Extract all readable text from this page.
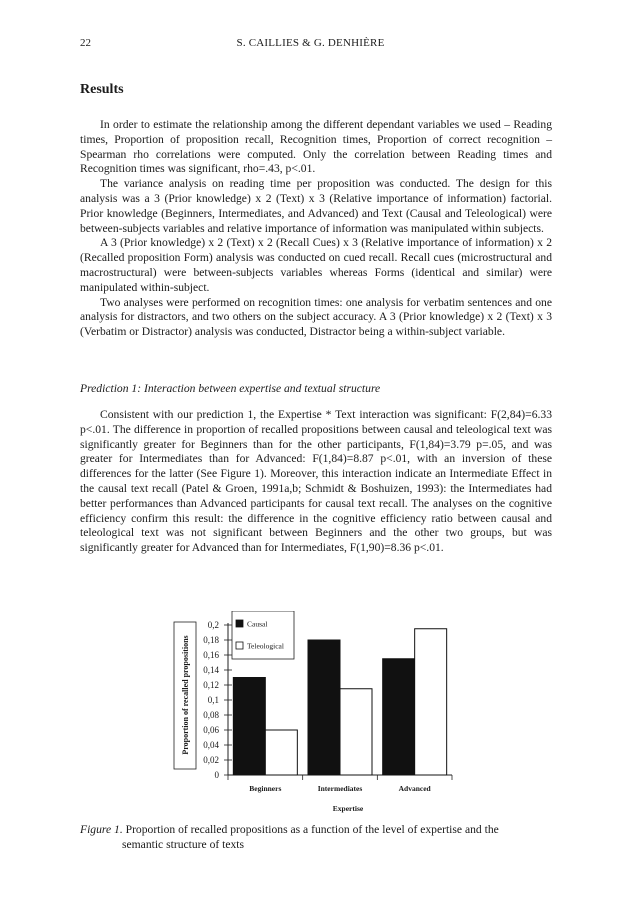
22	S. CAILLIES & G. DENHIÈRE
Results

In order to estimate the relationship among the different dependant variables we used – Reading times, Proportion of proposition recall, Recognition times, Proportion of correct recognition – Spearman rho correlations were computed. Only the correlation between Reading times and Recognition times was significant, rho=.43, p<.01.

The variance analysis on reading time per proposition was conducted. The design for this analysis was a 3 (Prior knowledge) x 2 (Text) x 3 (Relative importance of information) factorial. Prior knowledge (Beginners, Intermediates, and Advanced) and Text (Causal and Teleological) were between-subjects variables and relative importance of information was manipulated within subjects.

A 3 (Prior knowledge) x 2 (Text) x 2 (Recall Cues) x 3 (Relative importance of information) x 2 (Recalled proposition Form) analysis was conducted on cued recall. Recall cues (microstructural and macrostructural) were between-subjects variables whereas Forms (identical and similar) were manipulated within-subject.

Two analyses were performed on recognition times: one analysis for verbatim sentences and one analysis for distractors, and two others on the subject accuracy. A 3 (Prior knowledge) x 2 (Text) x 3 (Verbatim or Distractor) analysis was conducted, Distractor being a within-subject variable.

Prediction 1: Interaction between expertise and textual structure

Consistent with our prediction 1, the Expertise * Text interaction was significant: F(2,84)=6.33 p<.01. The difference in proportion of recalled propositions between causal and teleological text was significantly greater for Beginners than for the other participants, F(1,84)=3.79 p=.05, and was greater for Intermediates than for Advanced: F(1,84)=8.87 p<.01, with an inversion of these differences for the latter (See Figure 1). Moreover, this interaction indicate an Intermediate Effect in the causal text recall (Patel & Groen, 1991a,b; Schmidt & Boshuizen, 1993): the Intermediates had better performances than Advanced participants for causal text recall. The analyses on the cognitive efficiency confirm this result: the difference in the cognitive efficiency ratio between causal and teleological text was not significant between Beginners and the other two groups, but was significantly greater for Advanced than for Intermediates, F(1,90)=8.36 p<.01.

Proportion of recalled propositions
0
0,02
0,04
0,06
0,08
0,1
0,12
0,14
0,16
0,18
0,2
Beginners	Intermediates	Advanced
Expertise
Causal
Teleological
Figure 1. Proportion of recalled propositions as a function of the level of expertise and the
semantic structure of texts
